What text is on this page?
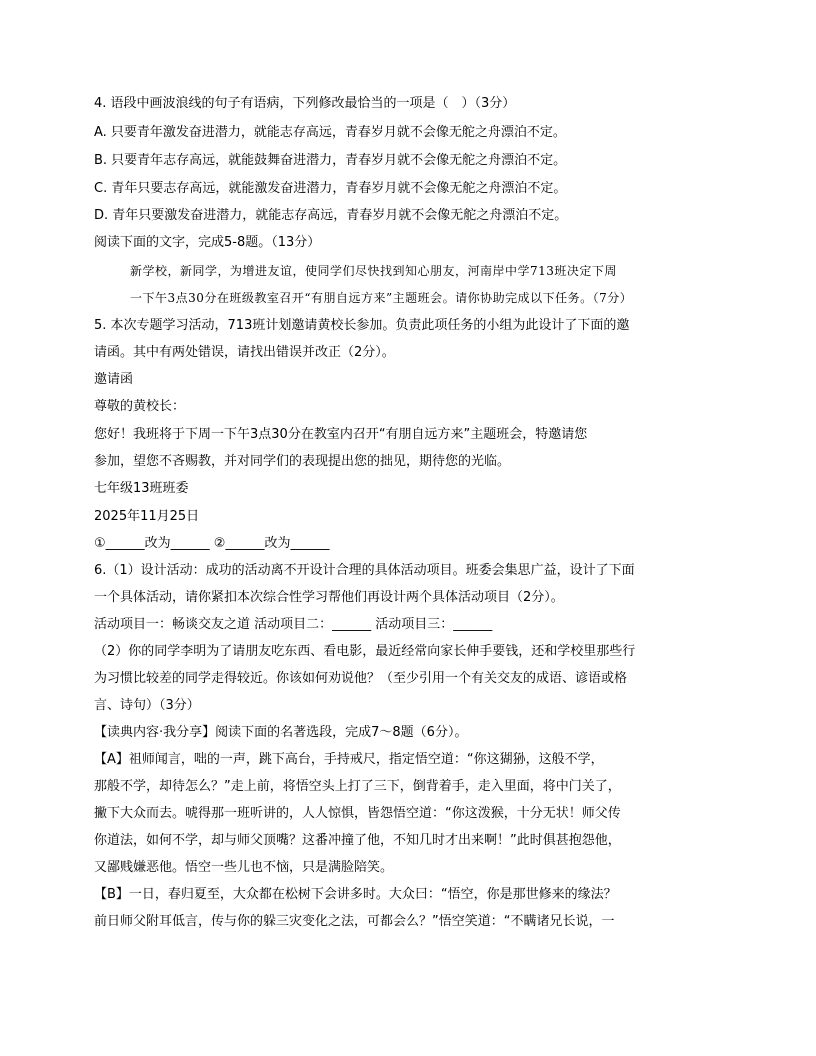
4. 语段中画波浪线的句子有语病，下列修改最恰当的一项是（　）（3分）
A. 只要青年激发奋进潜力，就能志存高远，青春岁月就不会像无舵之舟漂泊不定。
B. 只要青年志存高远，就能鼓舞奋进潜力，青春岁月就不会像无舵之舟漂泊不定。
C. 青年只要志存高远，就能激发奋进潜力，青春岁月就不会像无舵之舟漂泊不定。
D. 青年只要激发奋进潜力，就能志存高远，青春岁月就不会像无舵之舟漂泊不定。
阅读下面的文字，完成5-8题。（13分）
新学校，新同学，为增进友谊，使同学们尽快找到知心朋友，河南岸中学713班决定下周
一下午3点30分在班级教室召开“有朋自远方来”主题班会。请你协助完成以下任务。（7分）
5. 本次专题学习活动，713班计划邀请黄校长参加。负责此项任务的小组为此设计了下面的邀
请函。其中有两处错误，请找出错误并改正（2分）。
邀请函
尊敬的黄校长：
您好！我班将于下周一下午3点30分在教室内召开“有朋自远方来”主题班会，特邀请您
参加，望您不吝赐教，并对同学们的表现提出您的拙见，期待您的光临。
七年级13班班委
2025年11月25日
①______改为______ ②______改为______
6.（1）设计活动：成功的活动离不开设计合理的具体活动项目。班委会集思广益，设计了下面
一个具体活动，请你紧扣本次综合性学习帮他们再设计两个具体活动项目（2分）。
活动项目一：畅谈交友之道 活动项目二：______ 活动项目三：______
（2）你的同学李明为了请朋友吃东西、看电影，最近经常向家长伸手要钱，还和学校里那些行
为习惯比较差的同学走得较近。你该如何劝说他？（至少引用一个有关交友的成语、谚语或格
言、诗句）（3分）
【读典内容·我分享】阅读下面的名著选段，完成7～8题（6分）。
【A】祖师闻言，咄的一声，跳下高台，手持戒尺，指定悟空道：“你这猢狲，这般不学，
那般不学，却待怎么？”走上前，将悟空头上打了三下，倒背着手，走入里面，将中门关了，
撇下大众而去。唬得那一班听讲的，人人惊惧，皆怨悟空道：“你这泼猴，十分无状！师父传
你道法，如何不学，却与师父顶嘴？这番冲撞了他，不知几时才出来啊！”此时俱甚抱怨他，
又鄙贱嫌恶他。悟空一些儿也不恼，只是满脸陪笑。
【B】一日，春归夏至，大众都在松树下会讲多时。大众曰：“悟空，你是那世修来的缘法？
前日师父附耳低言，传与你的躲三灾变化之法，可都会么？”悟空笑道：“不瞒诸兄长说，一
